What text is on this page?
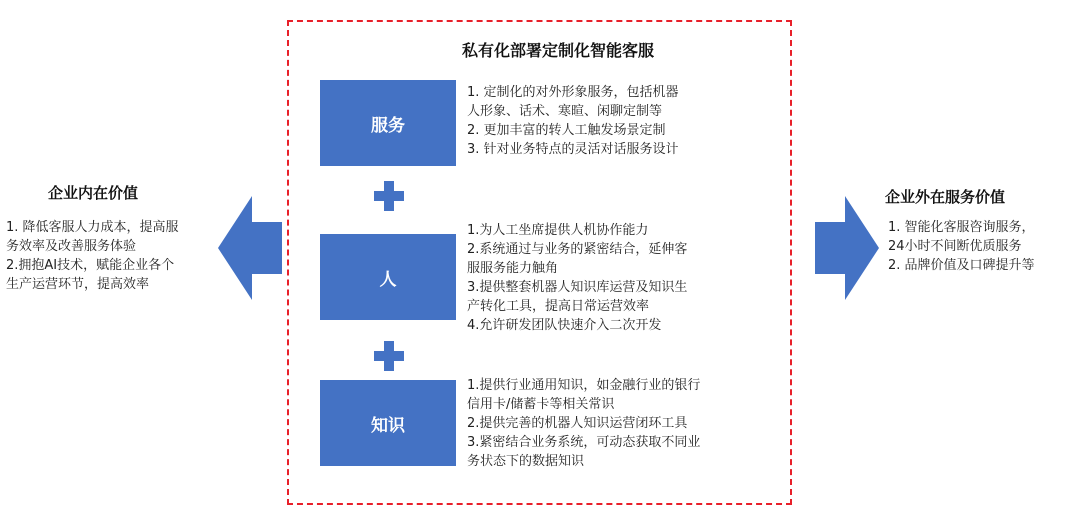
私有化部署定制化智能客服
服务
1. 定制化的对外形象服务，包括机器
人形象、话术、寒暄、闲聊定制等
2. 更加丰富的转人工触发场景定制
3. 针对业务特点的灵活对话服务设计
人
1.为人工坐席提供人机协作能力
2.系统通过与业务的紧密结合，延伸客
服服务能力触角
3.提供整套机器人知识库运营及知识生
产转化工具，提高日常运营效率
4.允许研发团队快速介入二次开发
知识
1.提供行业通用知识，如金融行业的银行
信用卡/储蓄卡等相关常识
2.提供完善的机器人知识运营闭环工具
3.紧密结合业务系统，可动态获取不同业
务状态下的数据知识
企业内在价值
1. 降低客服人力成本，提高服
务效率及改善服务体验
2.拥抱AI技术，赋能企业各个
生产运营环节，提高效率
企业外在服务价值
1. 智能化客服咨询服务，
24小时不间断优质服务
2. 品牌价值及口碑提升等
